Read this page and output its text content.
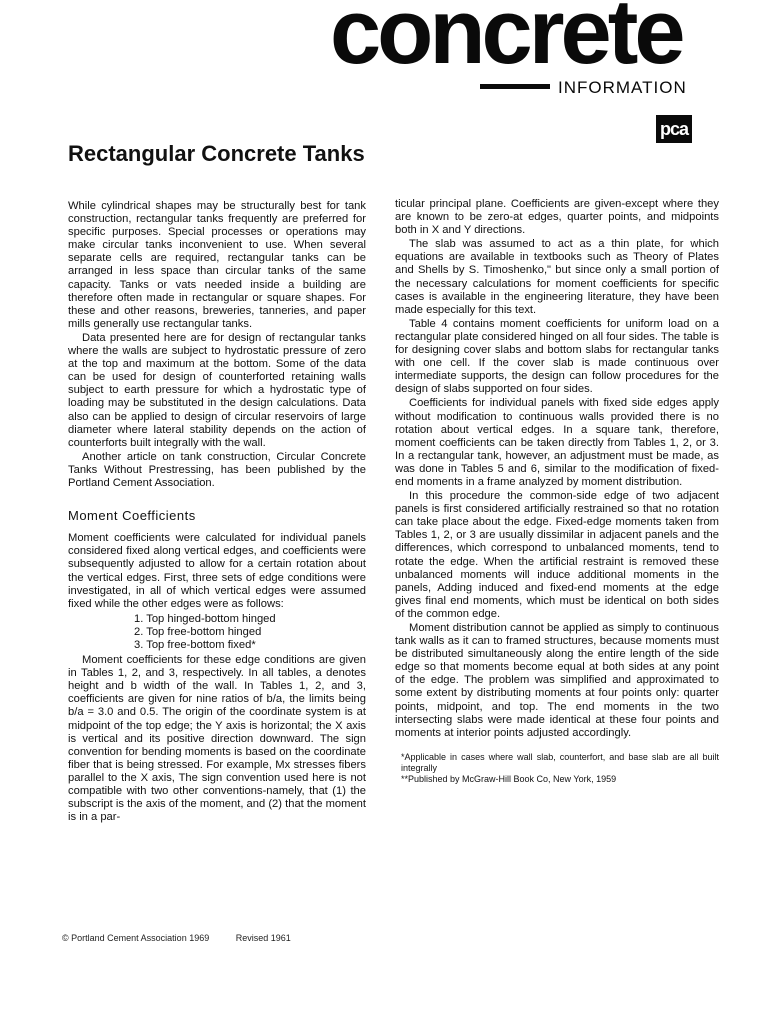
concrete
INFORMATION
pca
Rectangular Concrete Tanks

While cylindrical shapes may be structurally best for tank construction, rectangular tanks frequently are preferred for specific purposes. Special processes or operations may make circular tanks inconvenient to use. When several separate cells are required, rectangular tanks can be arranged in less space than circular tanks of the same capacity. Tanks or vats needed inside a building are therefore often made in rectangular or square shapes. For these and other reasons, breweries, tanneries, and paper mills generally use rectangular tanks.

Data presented here are for design of rectangular tanks where the walls are subject to hydrostatic pressure of zero at the top and maximum at the bottom. Some of the data can be used for design of counterforted retaining walls subject to earth pressure for which a hydrostatic type of loading may be substituted in the design calculations. Data also can be applied to design of circular reservoirs of large diameter where lateral stability depends on the action of counterforts built integrally with the wall.

Another article on tank construction, Circular Concrete Tanks Without Prestressing, has been published by the Portland Cement Association.

Moment Coefficients

Moment coefficients were calculated for individual panels considered fixed along vertical edges, and coefficients were subsequently adjusted to allow for a certain rotation about the vertical edges. First, three sets of edge conditions were investigated, in all of which vertical edges were assumed fixed while the other edges were as follows:

1. Top hinged-bottom hinged
2. Top free-bottom hinged
3. Top free-bottom fixed*

Moment coefficients for these edge conditions are given in Tables 1, 2, and 3, respectively. In all tables, a denotes height and b width of the wall. In Tables 1, 2, and 3, coefficients are given for nine ratios of b/a, the limits being b/a = 3.0 and 0.5. The origin of the coordinate system is at midpoint of the top edge; the Y axis is horizontal; the X axis is vertical and its positive direction downward. The sign convention for bending moments is based on the coordinate fiber that is being stressed. For example, Mx stresses fibers parallel to the X axis, The sign convention used here is not compatible with two other conventions-namely, that (1) the subscript is the axis of the moment, and (2) that the moment is in a par-

ticular principal plane. Coefficients are given-except where they are known to be zero-at edges, quarter points, and midpoints both in X and Y directions.

The slab was assumed to act as a thin plate, for which equations are available in textbooks such as Theory of Plates and Shells by S. Timoshenko," but since only a small portion of the necessary calculations for moment coefficients for specific cases is available in the engineering literature, they have been made especially for this text.

Table 4 contains moment coefficients for uniform load on a rectangular plate considered hinged on all four sides. The table is for designing cover slabs and bottom slabs for rectangular tanks with one cell. If the cover slab is made continuous over intermediate supports, the design can follow procedures for the design of slabs supported on four sides.

Coefficients for individual panels with fixed side edges apply without modification to continuous walls provided there is no rotation about vertical edges. In a square tank, therefore, moment coefficients can be taken directly from Tables 1, 2, or 3. In a rectangular tank, however, an adjustment must be made, as was done in Tables 5 and 6, similar to the modification of fixed-end moments in a frame analyzed by moment distribution.

In this procedure the common-side edge of two adjacent panels is first considered artificially restrained so that no rotation can take place about the edge. Fixed-edge moments taken from Tables 1, 2, or 3 are usually dissimilar in adjacent panels and the differences, which correspond to unbalanced moments, tend to rotate the edge. When the artificial restraint is removed these unbalanced moments will induce additional moments in the panels, Adding induced and fixed-end moments at the edge gives final end moments, which must be identical on both sides of the common edge.

Moment distribution cannot be applied as simply to continuous tank walls as it can to framed structures, because moments must be distributed simultaneously along the entire length of the side edge so that moments become equal at both sides at any point of the edge. The problem was simplified and approximated to some extent by distributing moments at four points only: quarter points, midpoint, and top. The end moments in the two intersecting slabs were made identical at these four points and moments at interior points adjusted accordingly.

*Applicable in cases where wall slab, counterfort, and base slab are all built integrally
**Published by McGraw-Hill Book Co, New York, 1959
© Portland Cement Association 1969	Revised 1961
